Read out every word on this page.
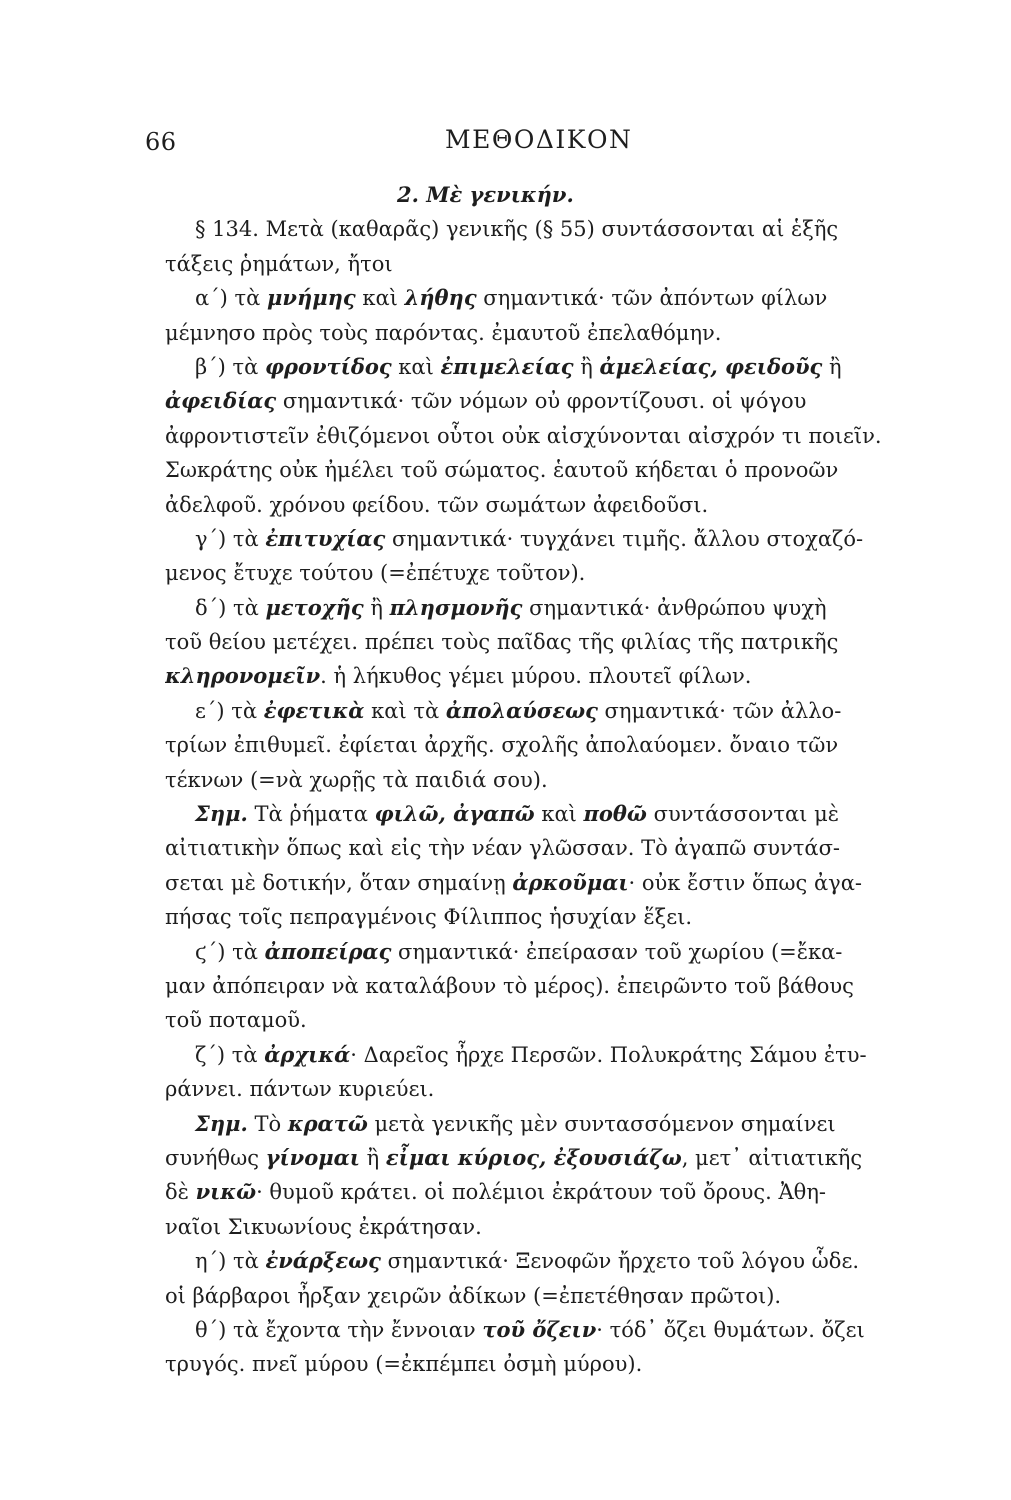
66	ΜΕΘΟΔΙΚΟΝ
2. Μὲ γενικήν.
§ 134. Μετὰ (καθαρᾶς) γενικῆς (§ 55) συντάσσονται αἱ ἑξῆς
τάξεις ῥημάτων, ἤτοι
α΄) τὰ μνήμης καὶ λήθης σημαντικά· τῶν ἀπόντων φίλων
μέμνησο πρὸς τοὺς παρόντας. ἐμαυτοῦ ἐπελαθόμην.
β΄) τὰ φροντίδος καὶ ἐπιμελείας ἢ ἀμελείας, φειδοῦς ἢ
ἀφειδίας σημαντικά· τῶν νόμων οὐ φροντίζουσι. οἱ ψόγου
ἀφροντιστεῖν ἐθιζόμενοι οὗτοι οὐκ αἰσχύνονται αἰσχρόν τι ποιεῖν.
Σωκράτης οὐκ ἠμέλει τοῦ σώματος. ἑαυτοῦ κήδεται ὁ προνοῶν
ἀδελφοῦ. χρόνου φείδου. τῶν σωμάτων ἀφειδοῦσι.
γ΄) τὰ ἐπιτυχίας σημαντικά· τυγχάνει τιμῆς. ἄλλου στοχαζό-
μενος ἔτυχε τούτου (=ἐπέτυχε τοῦτον).
δ΄) τὰ μετοχῆς ἢ πλησμονῆς σημαντικά· ἀνθρώπου ψυχὴ
τοῦ θείου μετέχει. πρέπει τοὺς παῖδας τῆς φιλίας τῆς πατρικῆς
κληρονομεῖν. ἡ λήκυθος γέμει μύρου. πλουτεῖ φίλων.
ε΄) τὰ ἐφετικὰ καὶ τὰ ἀπολαύσεως σημαντικά· τῶν ἀλλο-
τρίων ἐπιθυμεῖ. ἐφίεται ἀρχῆς. σχολῆς ἀπολαύομεν. ὄναιο τῶν
τέκνων (=νὰ χωρῇς τὰ παιδιά σου).
Σημ. Τὰ ῥήματα φιλῶ, ἀγαπῶ καὶ ποθῶ συντάσσονται μὲ
αἰτιατικὴν ὅπως καὶ εἰς τὴν νέαν γλῶσσαν. Τὸ ἀγαπῶ συντάσ-
σεται μὲ δοτικήν, ὅταν σημαίνῃ ἀρκοῦμαι· οὐκ ἔστιν ὅπως ἀγα-
πήσας τοῖς πεπραγμένοις Φίλιππος ἡσυχίαν ἕξει.
ϛ΄) τὰ ἀποπείρας σημαντικά· ἐπείρασαν τοῦ χωρίου (=ἔκα-
μαν ἀπόπειραν νὰ καταλάβουν τὸ μέρος). ἐπειρῶντο τοῦ βάθους
τοῦ ποταμοῦ.
ζ΄) τὰ ἀρχικά· Δαρεῖος ἦρχε Περσῶν. Πολυκράτης Σάμου ἐτυ-
ράννει. πάντων κυριεύει.
Σημ. Τὸ κρατῶ μετὰ γενικῆς μὲν συντασσόμενον σημαίνει
συνήθως γίνομαι ἢ εἶμαι κύριος, ἐξουσιάζω, μετ᾽ αἰτιατικῆς
δὲ νικῶ· θυμοῦ κράτει. οἱ πολέμιοι ἐκράτουν τοῦ ὄρους. Ἀθη-
ναῖοι Σικυωνίους ἐκράτησαν.
η΄) τὰ ἐνάρξεως σημαντικά· Ξενοφῶν ἤρχετο τοῦ λόγου ὧδε.
οἱ βάρβαροι ἦρξαν χειρῶν ἀδίκων (=ἐπετέθησαν πρῶτοι).
θ΄) τὰ ἔχοντα τὴν ἔννοιαν τοῦ ὄζειν· τόδ᾽ ὄζει θυμάτων. ὄζει
τρυγός. πνεῖ μύρου (=ἐκπέμπει ὀσμὴ μύρου).
